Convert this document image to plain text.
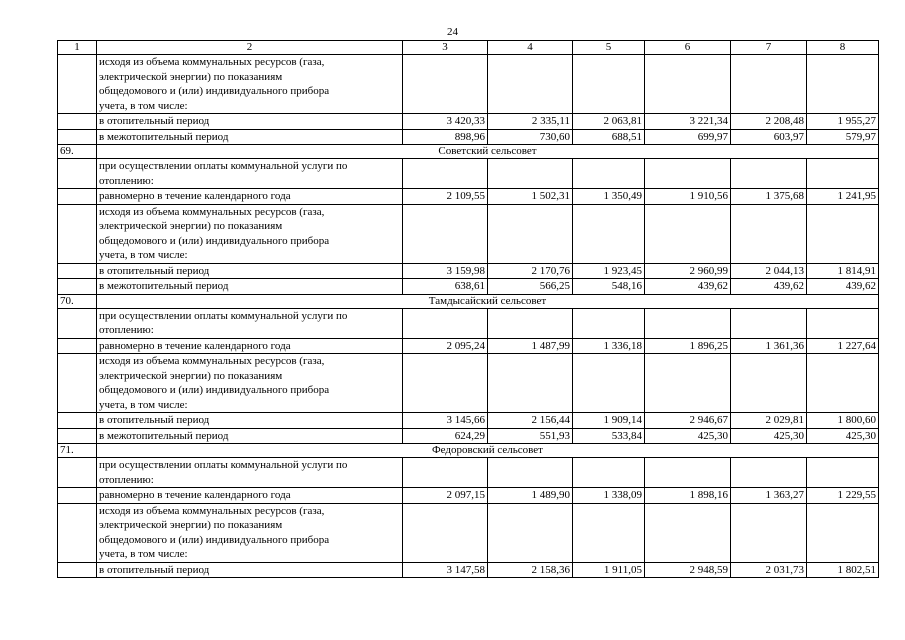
24
1	2	3	4	5	6	7	8

	исходя из объема коммунальных ресурсов (газа,
электрической энергии) по показаниям
общедомового и (или) индивидуального прибора
учета, в том числе:						

	в отопительный период	3 420,33	2 335,11	2 063,81	3 221,34	2 208,48	1 955,27
	в межотопительный период	898,96	730,60	688,51	699,97	603,97	579,97
69.	Советский сельсовет						

	при осуществлении оплаты коммунальной услуги по
отоплению:						

	равномерно в течение календарного года	2 109,55	1 502,31	1 350,49	1 910,56	1 375,68	1 241,95

	исходя из объема коммунальных ресурсов (газа,
электрической энергии) по показаниям
общедомового и (или) индивидуального прибора
учета, в том числе:						

	в отопительный период	3 159,98	2 170,76	1 923,45	2 960,99	2 044,13	1 814,91
	в межотопительный период	638,61	566,25	548,16	439,62	439,62	439,62
70.	Тамдысайский сельсовет						

	при осуществлении оплаты коммунальной услуги по
отоплению:						

	равномерно в течение календарного года	2 095,24	1 487,99	1 336,18	1 896,25	1 361,36	1 227,64

	исходя из объема коммунальных ресурсов (газа,
электрической энергии) по показаниям
общедомового и (или) индивидуального прибора
учета, в том числе:						

	в отопительный период	3 145,66	2 156,44	1 909,14	2 946,67	2 029,81	1 800,60
	в межотопительный период	624,29	551,93	533,84	425,30	425,30	425,30
71.	Федоровский сельсовет						

	при осуществлении оплаты коммунальной услуги по
отоплению:						

	равномерно в течение календарного года	2 097,15	1 489,90	1 338,09	1 898,16	1 363,27	1 229,55

	исходя из объема коммунальных ресурсов (газа,
электрической энергии) по показаниям
общедомового и (или) индивидуального прибора
учета, в том числе:						

	в отопительный период	3 147,58	2 158,36	1 911,05	2 948,59	2 031,73	1 802,51
